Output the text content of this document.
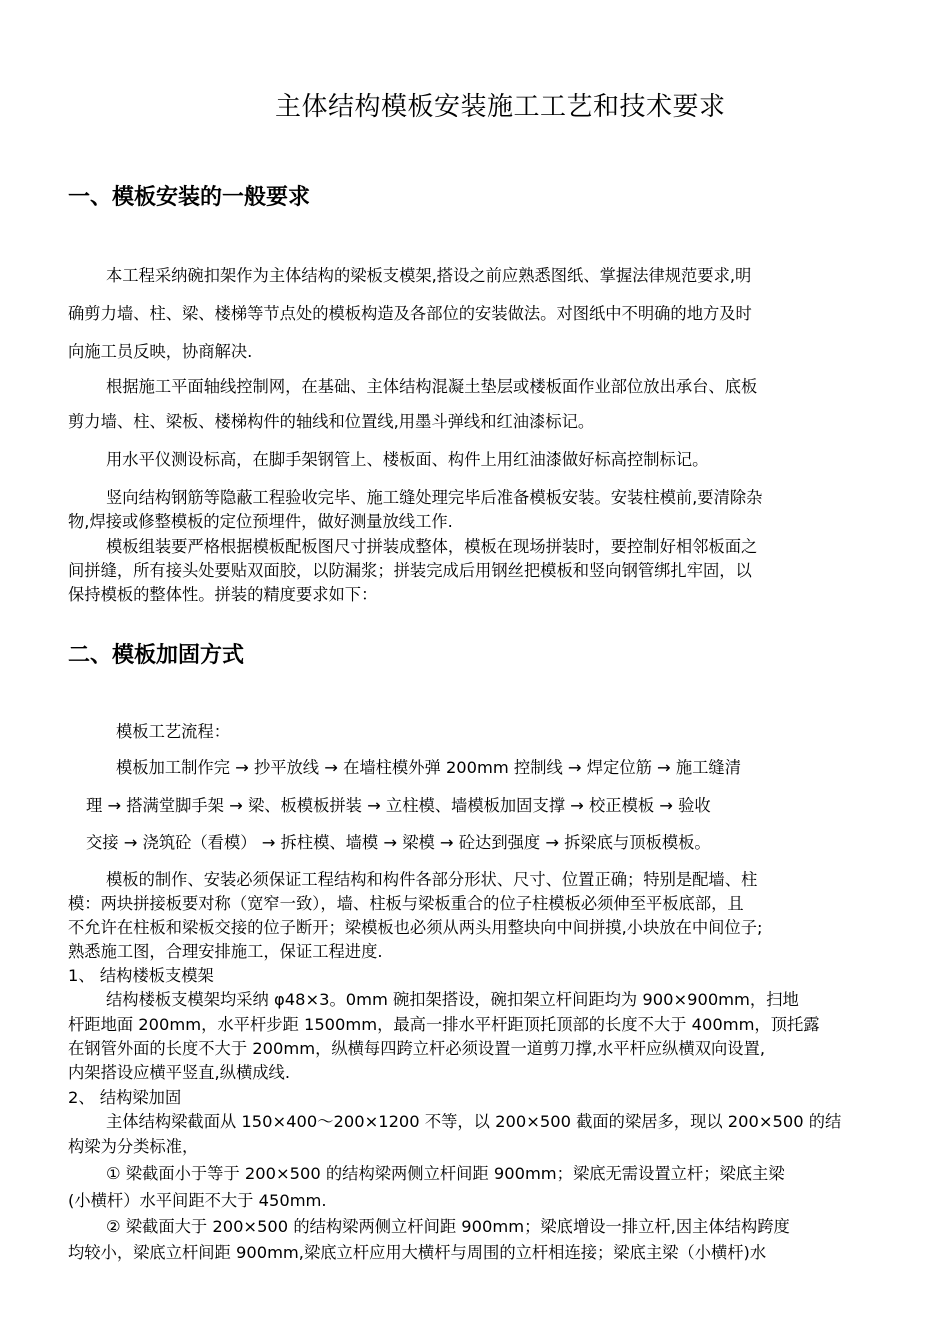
主体结构模板安装施工工艺和技术要求
一、模板安装的一般要求
本工程采纳碗扣架作为主体结构的梁板支模架,搭设之前应熟悉图纸、掌握法律规范要求,明
确剪力墙、柱、梁、楼梯等节点处的模板构造及各部位的安装做法。对图纸中不明确的地方及时
向施工员反映，协商解决.
根据施工平面轴线控制网，在基础、主体结构混凝土垫层或楼板面作业部位放出承台、底板
剪力墙、柱、梁板、楼梯构件的轴线和位置线,用墨斗弹线和红油漆标记。
用水平仪测设标高，在脚手架钢管上、楼板面、构件上用红油漆做好标高控制标记。
竖向结构钢筋等隐蔽工程验收完毕、施工缝处理完毕后准备模板安装。安装柱模前,要清除杂
物,焊接或修整模板的定位预埋件，做好测量放线工作.
模板组装要严格根据模板配板图尺寸拼装成整体，模板在现场拼装时，要控制好相邻板面之
间拼缝，所有接头处要贴双面胶，以防漏浆；拼装完成后用钢丝把模板和竖向钢管绑扎牢固，以
保持模板的整体性。拼装的精度要求如下：
二、模板加固方式
模板工艺流程：
模板加工制作完 → 抄平放线 → 在墙柱模外弹 200mm 控制线 → 焊定位筋 → 施工缝清
理 → 搭满堂脚手架 → 梁、板模板拼装 → 立柱模、墙模板加固支撑 → 校正模板 → 验收
交接 → 浇筑砼（看模） → 拆柱模、墙模 → 梁模 → 砼达到强度 → 拆梁底与顶板模板。
模板的制作、安装必须保证工程结构和构件各部分形状、尺寸、位置正确；特别是配墙、柱
模：两块拼接板要对称（宽窄一致），墙、柱板与梁板重合的位子柱模板必须伸至平板底部，且
不允许在柱板和梁板交接的位子断开；梁模板也必须从两头用整块向中间拼摸,小块放在中间位子;
熟悉施工图，合理安排施工，保证工程进度.
1、 结构楼板支模架
结构楼板支模架均采纳 φ48×3。0mm 碗扣架搭设，碗扣架立杆间距均为 900×900mm，扫地
杆距地面 200mm，水平杆步距 1500mm，最高一排水平杆距顶托顶部的长度不大于 400mm，顶托露
在钢管外面的长度不大于 200mm，纵横每四跨立杆必须设置一道剪刀撑,水平杆应纵横双向设置,
内架搭设应横平竖直,纵横成线.
2、 结构梁加固
主体结构梁截面从 150×400～200×1200 不等，以 200×500 截面的梁居多，现以 200×500 的结
构梁为分类标准，
① 梁截面小于等于 200×500 的结构梁两侧立杆间距 900mm；梁底无需设置立杆；梁底主梁
(小横杆）水平间距不大于 450mm.
② 梁截面大于 200×500 的结构梁两侧立杆间距 900mm；梁底增设一排立杆,因主体结构跨度
均较小，梁底立杆间距 900mm,梁底立杆应用大横杆与周围的立杆相连接；梁底主梁（小横杆)水
